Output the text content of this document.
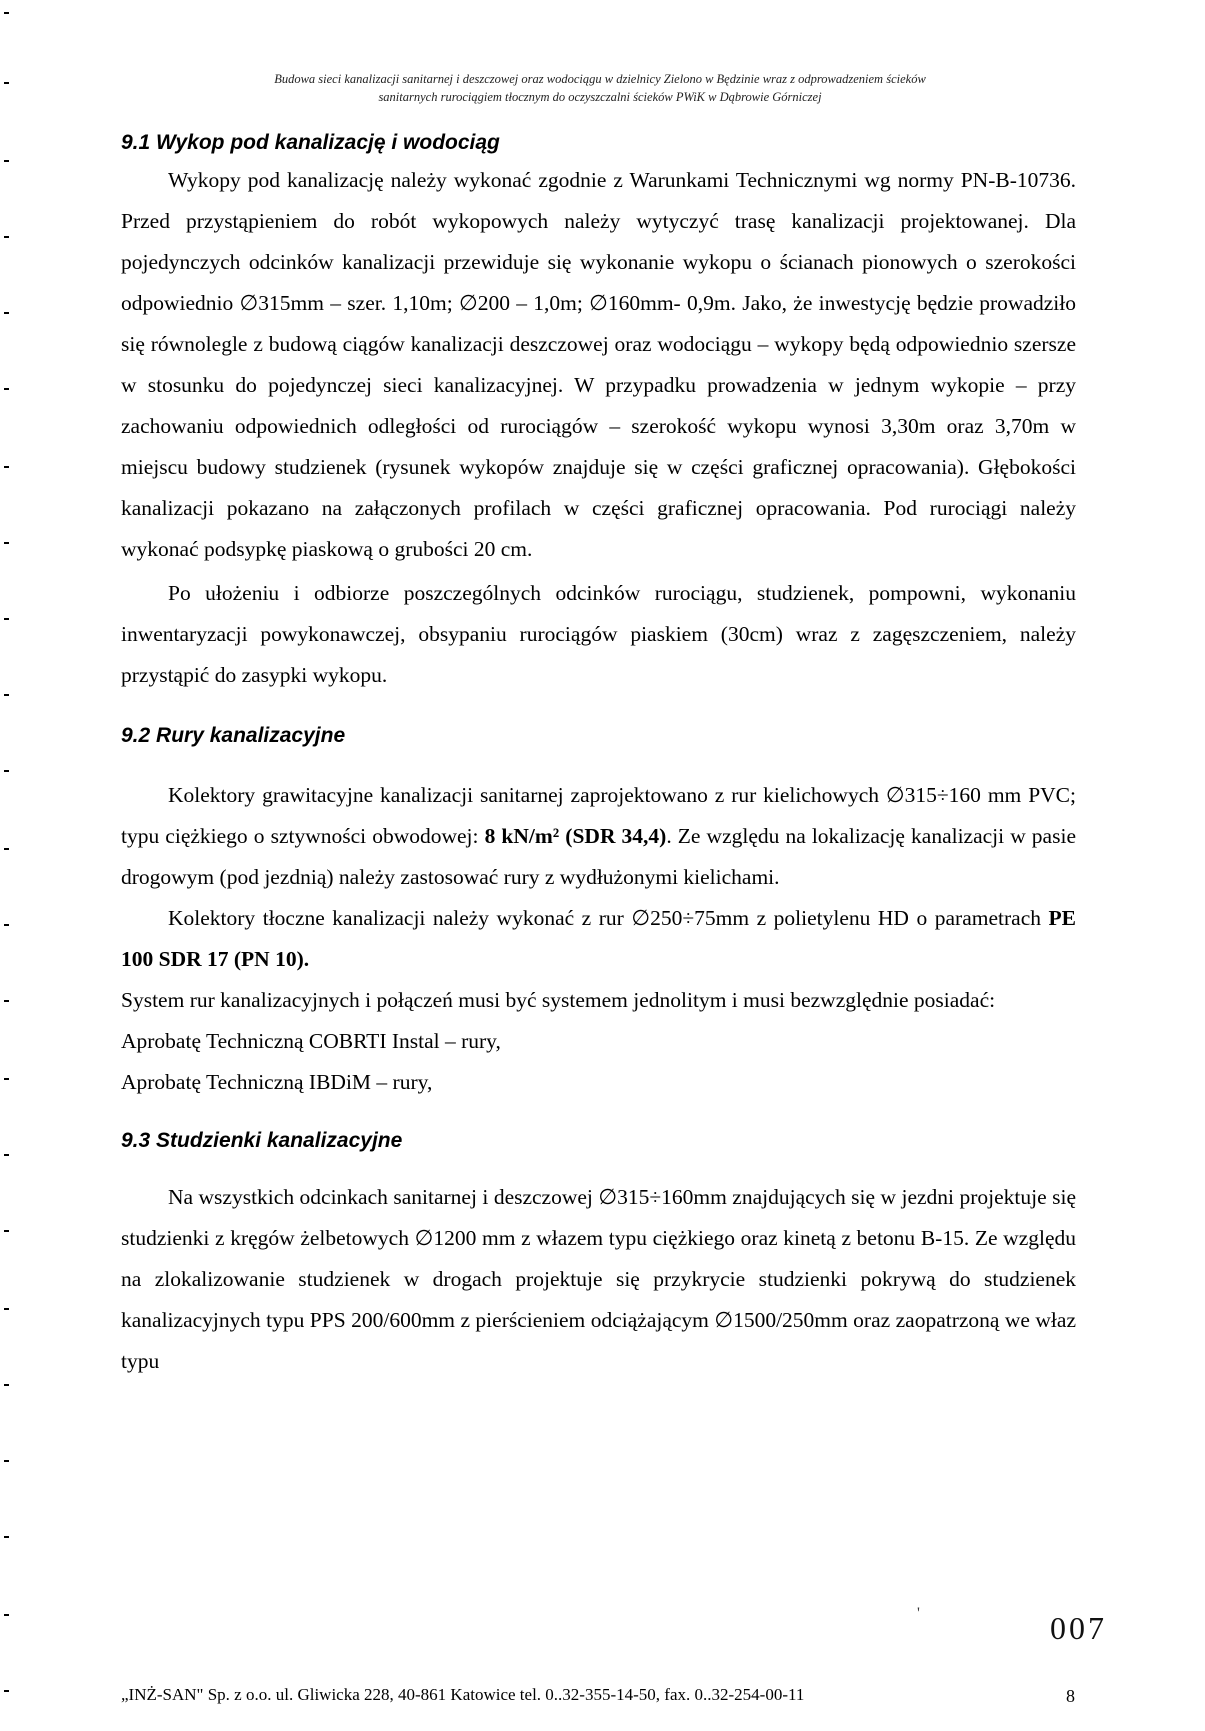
Budowa sieci kanalizacji sanitarnej i deszczowej oraz wodociągu w dzielnicy Zielono w Będzinie wraz z odprowadzeniem ścieków
sanitarnych rurociągiem tłocznym do oczyszczalni ścieków PWiK w Dąbrowie Górniczej
9.1 Wykop pod kanalizację i wodociąg

Wykopy pod kanalizację należy wykonać zgodnie z Warunkami Technicznymi wg normy PN-B-10736. Przed przystąpieniem do robót wykopowych należy wytyczyć trasę kanalizacji projektowanej. Dla pojedynczych odcinków kanalizacji przewiduje się wykonanie wykopu o ścianach pionowych o szerokości odpowiednio ∅315mm – szer. 1,10m; ∅200 – 1,0m; ∅160mm- 0,9m. Jako, że inwestycję będzie prowadziło się równolegle z budową ciągów kanalizacji deszczowej oraz wodociągu – wykopy będą odpowiednio szersze w stosunku do pojedynczej sieci kanalizacyjnej. W przypadku prowadzenia w jednym wykopie – przy zachowaniu odpowiednich odległości od rurociągów – szerokość wykopu wynosi 3,30m oraz 3,70m w miejscu budowy studzienek (rysunek wykopów znajduje się w części graficznej opracowania). Głębokości kanalizacji pokazano na załączonych profilach w części graficznej opracowania. Pod rurociągi należy wykonać podsypkę piaskową o grubości 20 cm.

Po ułożeniu i odbiorze poszczególnych odcinków rurociągu, studzienek, pompowni, wykonaniu inwentaryzacji powykonawczej, obsypaniu rurociągów piaskiem (30cm) wraz z zagęszczeniem, należy przystąpić do zasypki wykopu.

9.2 Rury kanalizacyjne

Kolektory grawitacyjne kanalizacji sanitarnej zaprojektowano z rur kielichowych ∅315÷160 mm PVC; typu ciężkiego o sztywności obwodowej: 8 kN/m² (SDR 34,4). Ze względu na lokalizację kanalizacji w pasie drogowym (pod jezdnią) należy zastosować rury z wydłużonymi kielichami.

Kolektory tłoczne kanalizacji należy wykonać z rur ∅250÷75mm z polietylenu HD o parametrach PE 100 SDR 17 (PN 10).

System rur kanalizacyjnych i połączeń musi być systemem jednolitym i musi bezwzględnie posiadać:

Aprobatę Techniczną COBRTI Instal – rury,

Aprobatę Techniczną IBDiM – rury,

9.3 Studzienki kanalizacyjne

Na wszystkich odcinkach sanitarnej i deszczowej ∅315÷160mm znajdujących się w jezdni projektuje się studzienki z kręgów żelbetowych ∅1200 mm z włazem typu ciężkiego oraz kinetą z betonu B-15. Ze względu na zlokalizowanie studzienek w drogach projektuje się przykrycie studzienki pokrywą do studzienek kanalizacyjnych typu PPS 200/600mm z pierścieniem odciążającym ∅1500/250mm oraz zaopatrzoną we właz typu

'	007
„INŻ-SAN" Sp. z o.o. ul. Gliwicka 228, 40-861 Katowice tel. 0..32-355-14-50, fax. 0..32-254-00-11	8
